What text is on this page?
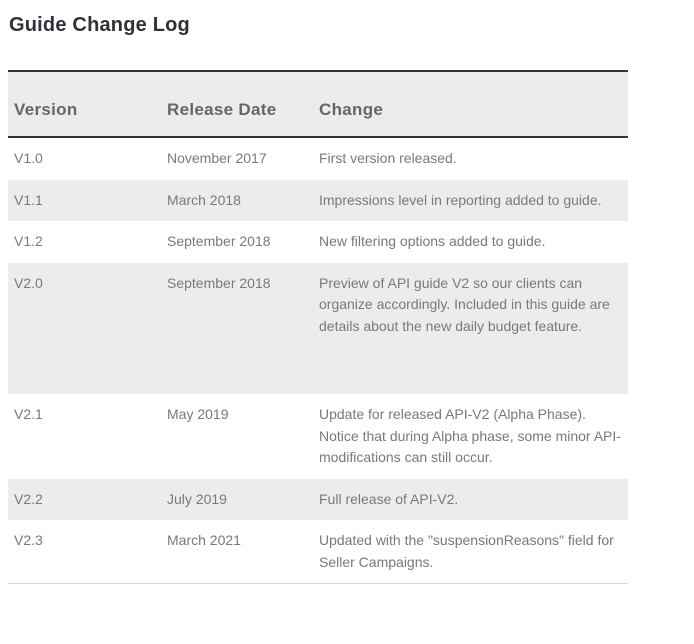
Guide Change Log
Version	Release Date	Change
V1.0	November 2017	First version released.
V1.1	March 2018	Impressions level in reporting added to guide.
V1.2	September 2018	New filtering options added to guide.
V2.0	September 2018	Preview of API guide V2 so our clients can organize accordingly. Included in this guide are details about the new daily budget feature.
V2.1	May 2019	Update for released API-V2 (Alpha Phase). Notice that during Alpha phase, some minor API-modifications can still occur.
V2.2	July 2019	Full release of API-V2.
V2.3	March 2021	Updated with the "suspensionReasons" field for Seller Campaigns.
